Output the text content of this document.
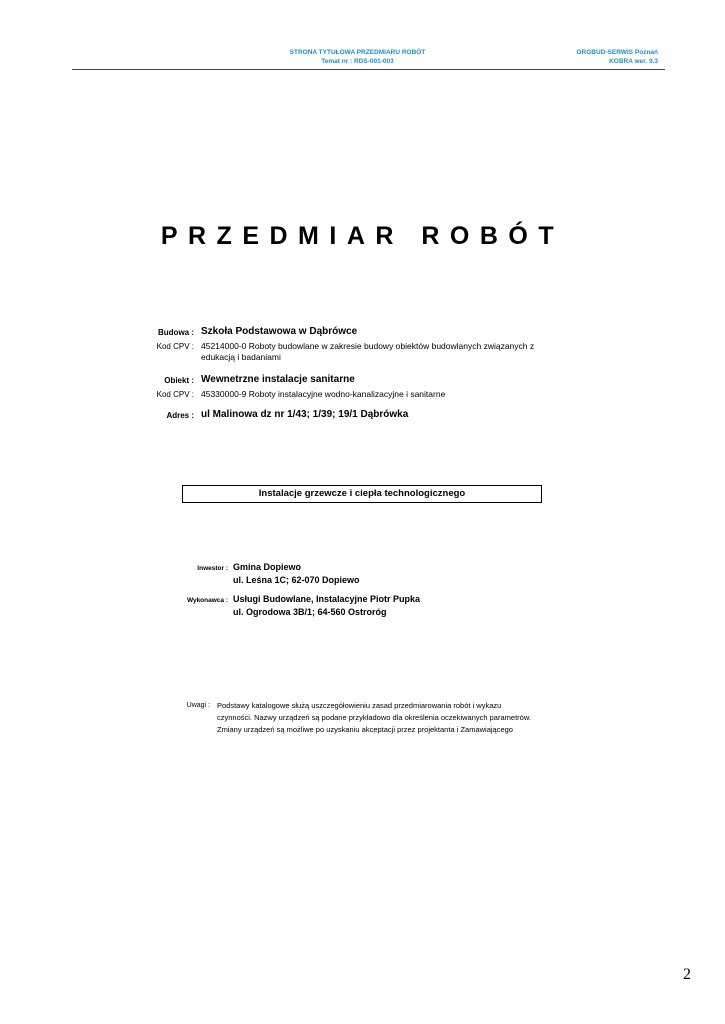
STRONA TYTUŁOWA PRZEDMIARU ROBÓT
Temat nr : RDS-001-003
ORGBUD-SERWIS Poznań
KOBRA wer. 9.3
PRZEDMIAR ROBÓT
Budowa : Szkoła Podstawowa w Dąbrówce
Kod CPV : 45214000-0 Roboty budowlane w zakresie budowy obiektów budowlanych związanych z
edukacją i badaniami
Obiekt : Wewnetrzne instalacje sanitarne
Kod CPV : 45330000-9 Roboty instalacyjne wodno-kanalizacyjne i sanitarne
Adres : ul Malinowa dz nr 1/43; 1/39; 19/1 Dąbrówka
Instalacje grzewcze i ciepła technologicznego
Inwestor : Gmina Dopiewo
ul. Leśna 1C; 62-070 Dopiewo
Wykonawca : Usługi Budowlane, Instalacyjne Piotr Pupka
ul. Ogrodowa 3B/1; 64-560 Ostroróg
Uwagi : Podstawy katalogowe służą uszczegółowieniu zasad przedmiarowania robót i wykazu
czynności. Nazwy urządzeń są podane przykładowo dla określenia oczekiwanych parametrów.
Zmiany urządzeń są możliwe po uzyskaniu akceptacji przez projektanta i Zamawiającego
2
